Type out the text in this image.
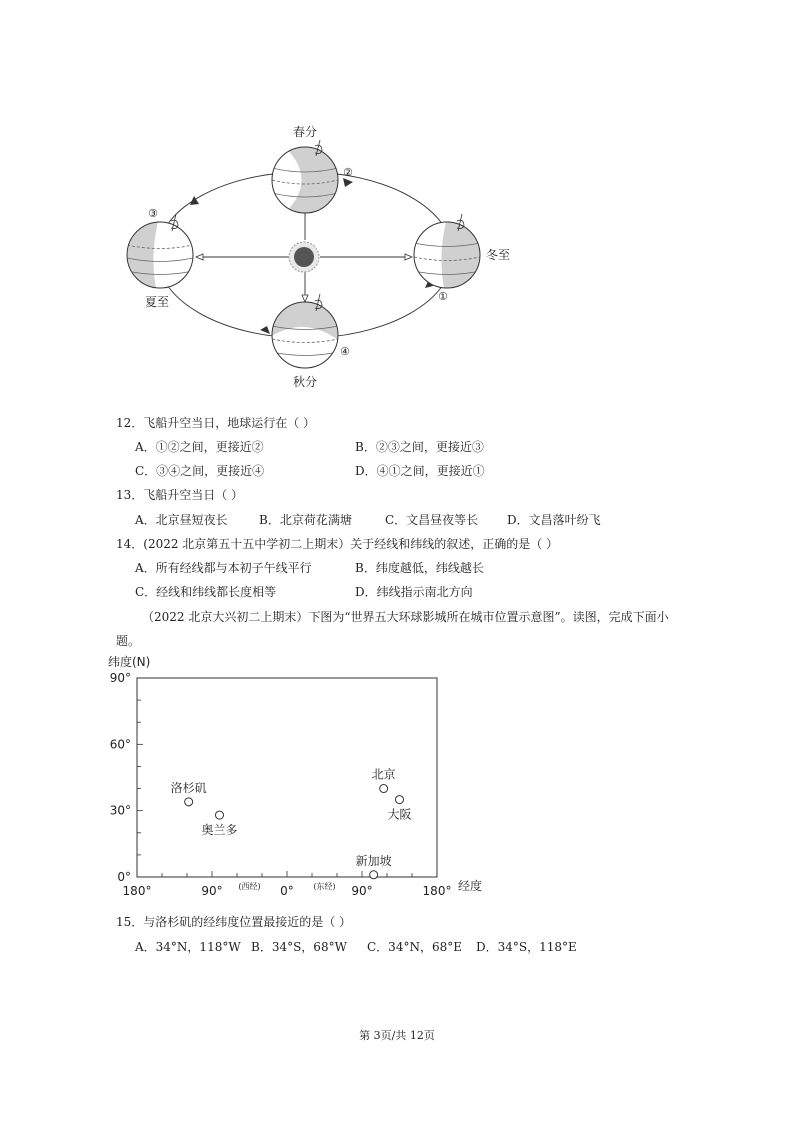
春分
夏至
冬至
秋分
①
②
③
④
12．飞船升空当日，地球运行在（ ）
A．①②之间，更接近②	B．②③之间，更接近③
C．③④之间，更接近④	D．④①之间，更接近①
13．飞船升空当日（ ）
A．北京昼短夜长	B．北京荷花满塘	C．文昌昼夜等长 D．文昌落叶纷飞
14．(2022 北京第五十五中学初二上期末）关于经线和纬线的叙述，正确的是（ ）
A．所有经线都与本初子午线平行	B．纬度越低，纬线越长
C．经线和纬线都长度相等	D．纬线指示南北方向
（2022 北京大兴初二上期末）下图为“世界五大环球影城所在城市位置示意图”。读图，完成下面小
题。
纬度(N)
经度
0°
30°
60°
90°
180°	90°	0°	90°	180°
(西经)	(东经)
洛杉矶
奥兰多
北京
大阪
新加坡
15．与洛杉矶的经纬度位置最接近的是（ ）
A．34°N，118°W B．34°S，68°W C．34°N，68°E D．34°S，118°E
第 3页/共 12页
